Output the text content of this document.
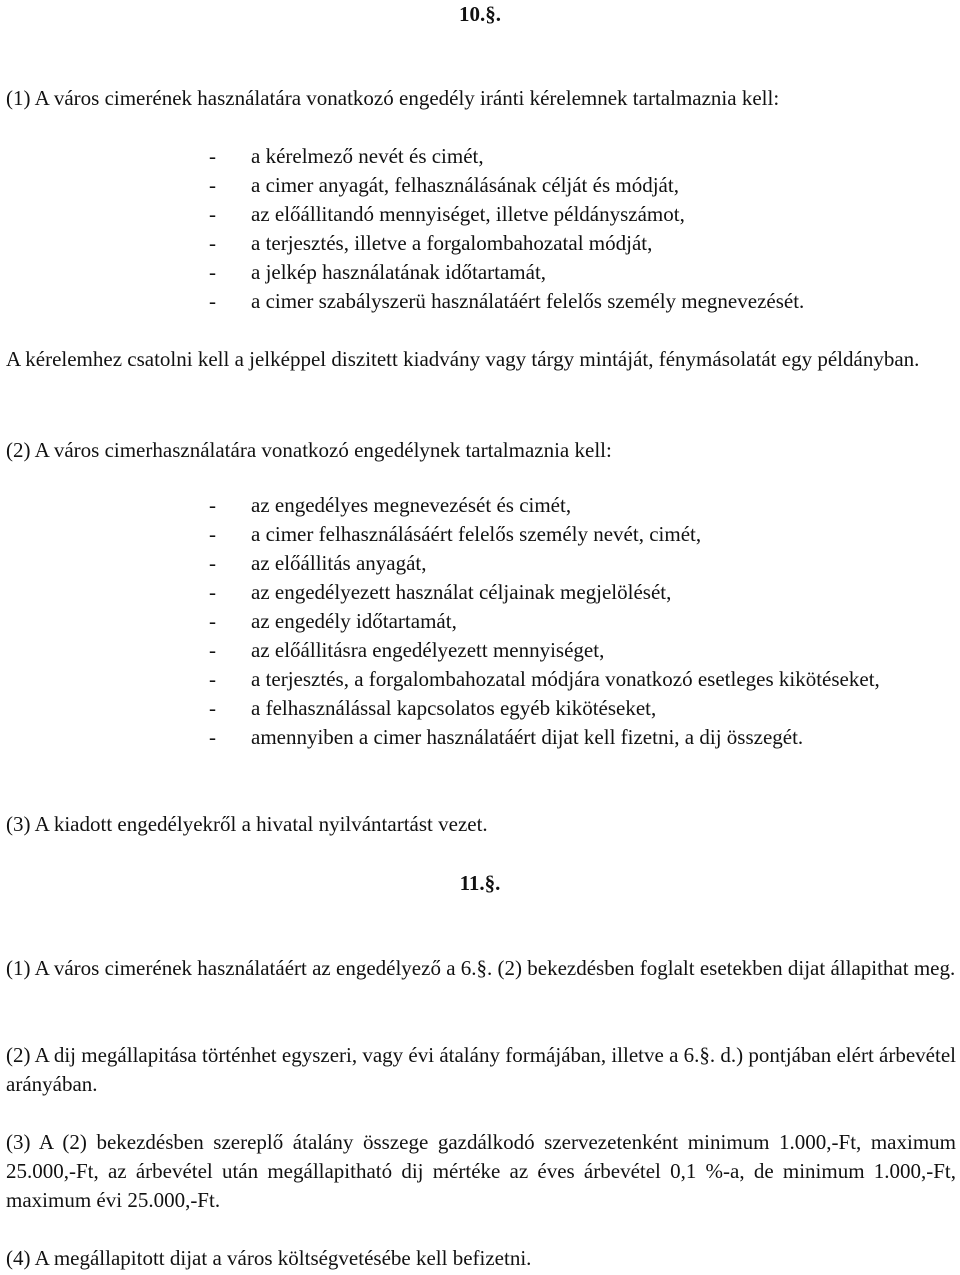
10.§.
(1) A város cimerének használatára vonatkozó engedély iránti kérelemnek tartalmaznia kell:
- a kérelmező nevét és cimét,
- a cimer anyagát, felhasználásának célját és módját,
- az előállitandó mennyiséget, illetve példányszámot,
- a terjesztés, illetve a forgalombahozatal módját,
- a jelkép használatának időtartamát,
- a cimer szabályszerü használatáért felelős személy megnevezését.
A kérelemhez csatolni kell a jelképpel diszitett kiadvány vagy tárgy mintáját, fénymásolatát egy példányban.
(2) A város cimerhasználatára vonatkozó engedélynek tartalmaznia kell:
- az engedélyes megnevezését és cimét,
- a cimer felhasználásáért felelős személy nevét, cimét,
- az előállitás anyagát,
- az engedélyezett használat céljainak megjelölését,
- az engedély időtartamát,
- az előállitásra engedélyezett mennyiséget,
- a terjesztés, a forgalombahozatal módjára vonatkozó esetleges kikötéseket,
- a felhasználással kapcsolatos egyéb kikötéseket,
- amennyiben a cimer használatáért dijat kell fizetni, a dij összegét.
(3) A kiadott engedélyekről a hivatal nyilvántartást vezet.
11.§.
(1) A város cimerének használatáért az engedélyező a 6.§. (2) bekezdésben foglalt esetekben dijat állapithat meg.
(2) A dij megállapitása történhet egyszeri, vagy évi átalány formájában, illetve a 6.§. d.) pontjában elért árbevétel arányában.
(3) A (2) bekezdésben szereplő átalány összege gazdálkodó szervezetenként minimum 1.000,-Ft, maximum 25.000,-Ft, az árbevétel után megállapitható dij mértéke az éves árbevétel 0,1 %-a, de minimum 1.000,-Ft, maximum évi 25.000,-Ft.
(4) A megállapitott dijat a város költségvetésébe kell befizetni.
